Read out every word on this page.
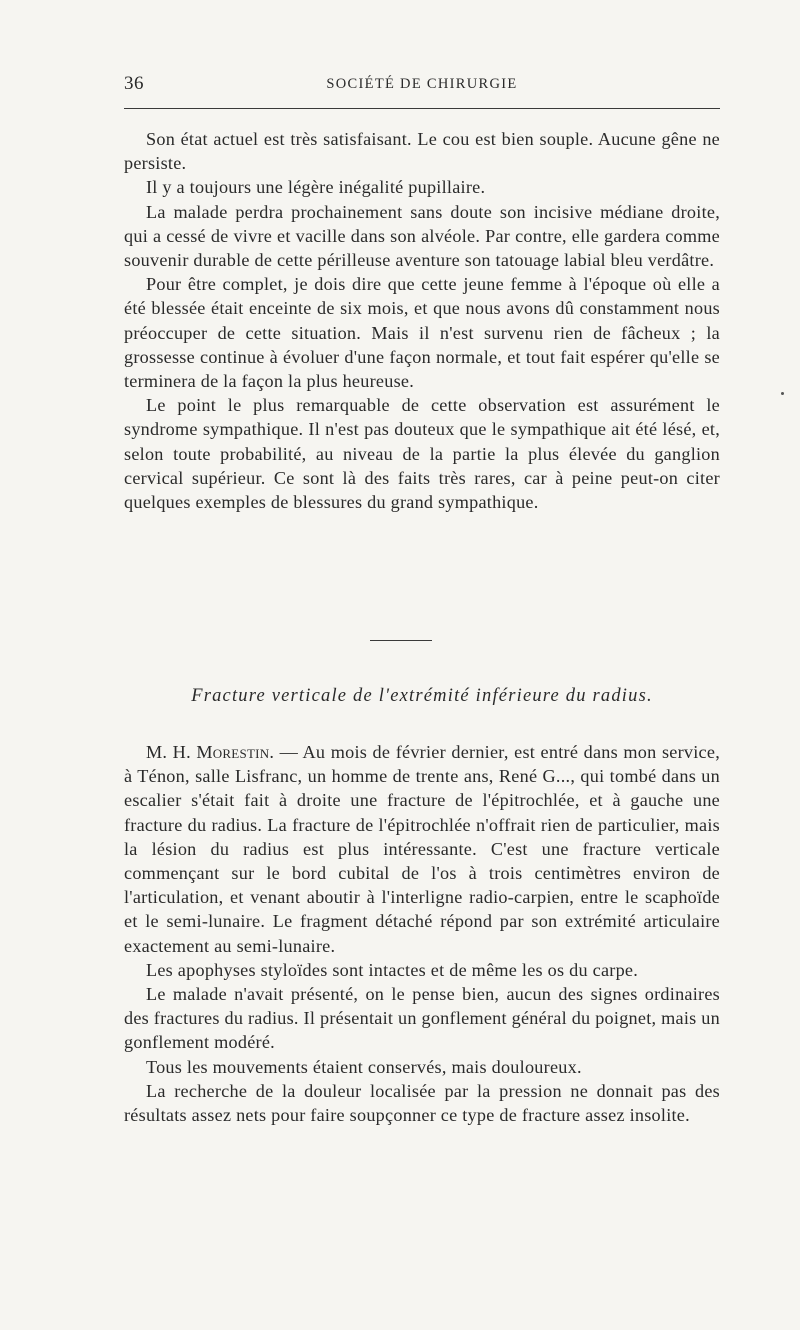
36	SOCIÉTÉ DE CHIRURGIE

Son état actuel est très satisfaisant. Le cou est bien souple. Aucune gêne ne persiste.

Il y a toujours une légère inégalité pupillaire.

La malade perdra prochainement sans doute son incisive médiane droite, qui a cessé de vivre et vacille dans son alvéole. Par contre, elle gardera comme souvenir durable de cette périlleuse aventure son tatouage labial bleu verdâtre.

Pour être complet, je dois dire que cette jeune femme à l'époque où elle a été blessée était enceinte de six mois, et que nous avons dû constamment nous préoccuper de cette situation. Mais il n'est survenu rien de fâcheux ; la grossesse continue à évoluer d'une façon normale, et tout fait espérer qu'elle se terminera de la façon la plus heureuse.

Le point le plus remarquable de cette observation est assurément le syndrome sympathique. Il n'est pas douteux que le sympathique ait été lésé, et, selon toute probabilité, au niveau de la partie la plus élevée du ganglion cervical supérieur. Ce sont là des faits très rares, car à peine peut-on citer quelques exemples de blessures du grand sympathique.

Fracture verticale de l'extrémité inférieure du radius.

M. H. Morestin. — Au mois de février dernier, est entré dans mon service, à Ténon, salle Lisfranc, un homme de trente ans, René G..., qui tombé dans un escalier s'était fait à droite une fracture de l'épitrochlée, et à gauche une fracture du radius. La fracture de l'épitrochlée n'offrait rien de particulier, mais la lésion du radius est plus intéressante. C'est une fracture verticale commençant sur le bord cubital de l'os à trois centimètres environ de l'articulation, et venant aboutir à l'interligne radio-carpien, entre le scaphoïde et le semi-lunaire. Le fragment détaché répond par son extrémité articulaire exactement au semi-lunaire.

Les apophyses styloïdes sont intactes et de même les os du carpe.

Le malade n'avait présenté, on le pense bien, aucun des signes ordinaires des fractures du radius. Il présentait un gonflement général du poignet, mais un gonflement modéré.

Tous les mouvements étaient conservés, mais douloureux.

La recherche de la douleur localisée par la pression ne donnait pas des résultats assez nets pour faire soupçonner ce type de fracture assez insolite.
